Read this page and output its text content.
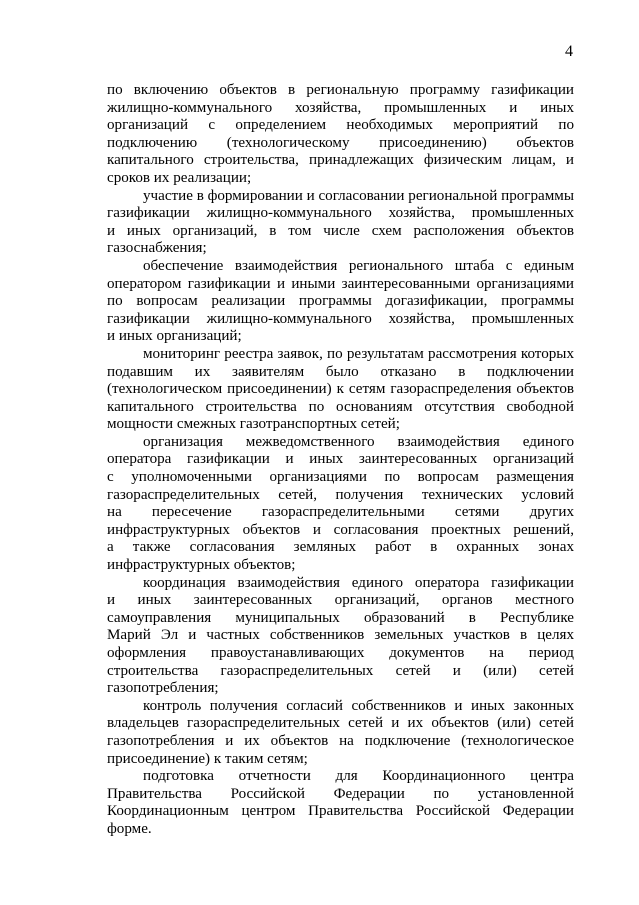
4
по включению объектов в региональную программу газификации
жилищно-коммунального хозяйства, промышленных и иных
организаций с определением необходимых мероприятий по
подключению (технологическому присоединению) объектов
капитального строительства, принадлежащих физическим лицам, и
сроков их реализации;
участие в формировании и согласовании региональной программы
газификации жилищно-коммунального хозяйства, промышленных
и иных организаций, в том числе схем расположения объектов
газоснабжения;
обеспечение взаимодействия регионального штаба с единым
оператором газификации и иными заинтересованными организациями
по вопросам реализации программы догазификации, программы
газификации жилищно-коммунального хозяйства, промышленных
и иных организаций;
мониторинг реестра заявок, по результатам рассмотрения которых
подавшим их заявителям было отказано в подключении
(технологическом присоединении) к сетям газораспределения объектов
капитального строительства по основаниям отсутствия свободной
мощности смежных газотранспортных сетей;
организация межведомственного взаимодействия единого
оператора газификации и иных заинтересованных организаций
с уполномоченными организациями по вопросам размещения
газораспределительных сетей, получения технических условий
на пересечение газораспределительными сетями других
инфраструктурных объектов и согласования проектных решений,
а также согласования земляных работ в охранных зонах
инфраструктурных объектов;
координация взаимодействия единого оператора газификации
и иных заинтересованных организаций, органов местного
самоуправления муниципальных образований в Республике
Марий Эл и частных собственников земельных участков в целях
оформления правоустанавливающих документов на период
строительства газораспределительных сетей и (или) сетей
газопотребления;
контроль получения согласий собственников и иных законных
владельцев газораспределительных сетей и их объектов (или) сетей
газопотребления и их объектов на подключение (технологическое
присоединение) к таким сетям;
подготовка отчетности для Координационного центра
Правительства Российской Федерации по установленной
Координационным центром Правительства Российской Федерации
форме.
